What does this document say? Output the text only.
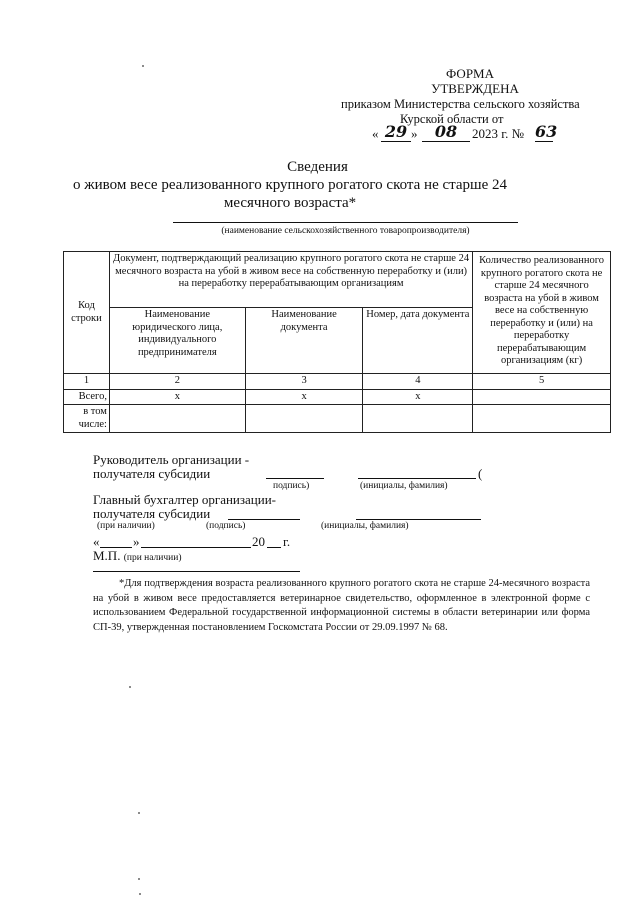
ФОРМА
УТВЕРЖДЕНА
приказом Министерства сельского хозяйства
Курской области от
« 29 »	08	2023 г. № 63
Сведения
о живом весе реализованного крупного рогатого скота не старше 24
месячного возраста*
(наименование сельскохозяйственного товаропроизводителя)
Код строки	Документ, подтверждающий реализацию крупного рогатого скота не старше 24 месячного возраста на убой в живом весе на собственную переработку и (или) на переработку перерабатывающим организациям			Количество реализованного крупного рогатого скота не старше 24 месячного возраста на убой в живом весе на собственную переработку и (или) на переработку перерабатывающим организациям (кг)
	Наименование юридического лица, индивидуального предпринимателя	Наименование документа	Номер, дата документа	
1	2	3	4	5
Всего,	х	х	х	
в том числе:				
Руководитель организации -
получателя субсидии	(
подпись)	(инициалы, фамилия)
Главный бухгалтер организации-
получателя субсидии
(при наличии)	(подпись)	(инициалы, фамилия)
«	»	20 г.
М.П. (при наличии)
*Для подтверждения возраста реализованного крупного рогатого скота не старше 24-месячного возраста на убой в живом весе предоставляется ветеринарное свидетельство, оформленное в электронной форме с использованием Федеральной государственной информационной системы в области ветеринарии или форма СП-39, утвержденная постановлением Госкомстата России от 29.09.1997 № 68.
